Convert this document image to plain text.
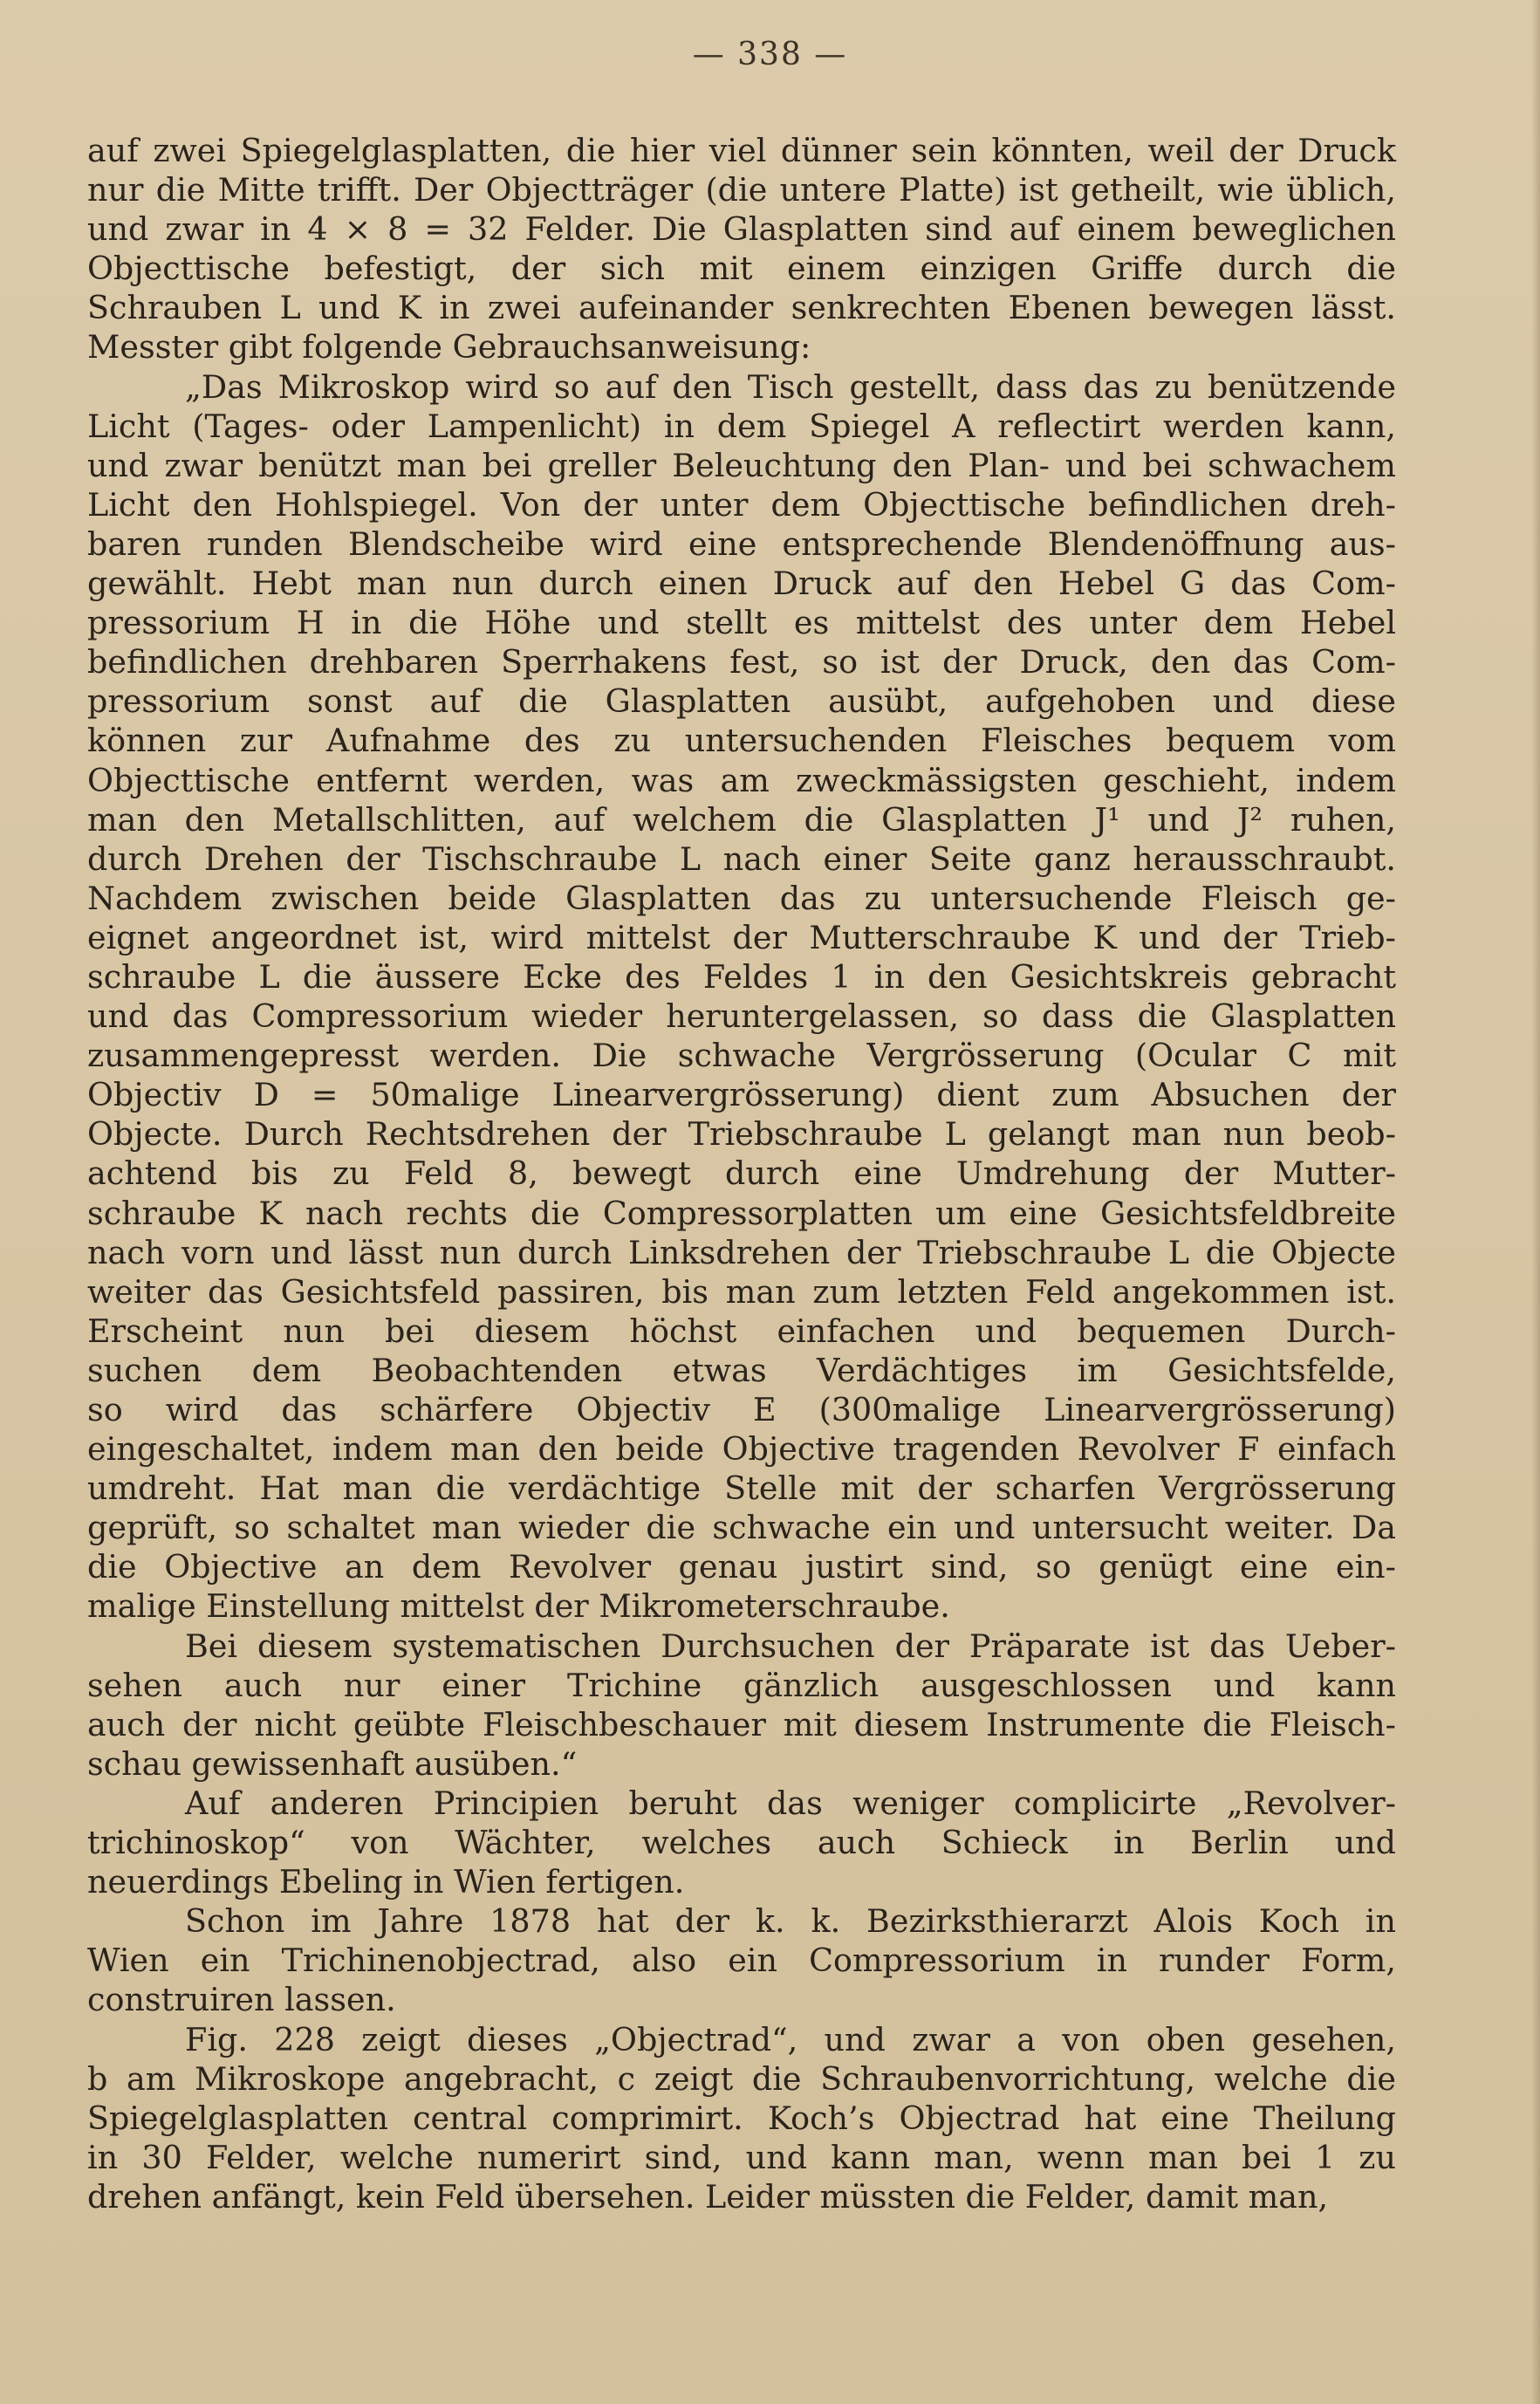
— 338 —
auf zwei Spiegelglasplatten, die hier viel dünner sein könnten, weil der Druck
nur die Mitte trifft. Der Objectträger (die untere Platte) ist getheilt, wie üblich,
und zwar in 4 ⨯ 8 = 32 Felder. Die Glasplatten sind auf einem beweglichen
Objecttische befestigt, der sich mit einem einzigen Griffe durch die
Schrauben L und K in zwei aufeinander senkrechten Ebenen bewegen lässt.
Messter gibt folgende Gebrauchsanweisung:
„Das Mikroskop wird so auf den Tisch gestellt, dass das zu benützende
Licht (Tages- oder Lampenlicht) in dem Spiegel A reflectirt werden kann,
und zwar benützt man bei greller Beleuchtung den Plan- und bei schwachem
Licht den Hohlspiegel. Von der unter dem Objecttische befindlichen dreh-
baren runden Blendscheibe wird eine entsprechende Blendenöffnung aus-
gewählt. Hebt man nun durch einen Druck auf den Hebel G das Com-
pressorium H in die Höhe und stellt es mittelst des unter dem Hebel
befindlichen drehbaren Sperrhakens fest, so ist der Druck, den das Com-
pressorium sonst auf die Glasplatten ausübt, aufgehoben und diese
können zur Aufnahme des zu untersuchenden Fleisches bequem vom
Objecttische entfernt werden, was am zweckmässigsten geschieht, indem
man den Metallschlitten, auf welchem die Glasplatten J¹ und J² ruhen,
durch Drehen der Tischschraube L nach einer Seite ganz herausschraubt.
Nachdem zwischen beide Glasplatten das zu untersuchende Fleisch ge-
eignet angeordnet ist, wird mittelst der Mutterschraube K und der Trieb-
schraube L die äussere Ecke des Feldes 1 in den Gesichtskreis gebracht
und das Compressorium wieder heruntergelassen, so dass die Glasplatten
zusammengepresst werden. Die schwache Vergrösserung (Ocular C mit
Objectiv D = 50malige Linearvergrösserung) dient zum Absuchen der
Objecte. Durch Rechtsdrehen der Triebschraube L gelangt man nun beob-
achtend bis zu Feld 8, bewegt durch eine Umdrehung der Mutter-
schraube K nach rechts die Compressorplatten um eine Gesichtsfeldbreite
nach vorn und lässt nun durch Linksdrehen der Triebschraube L die Objecte
weiter das Gesichtsfeld passiren, bis man zum letzten Feld angekommen ist.
Erscheint nun bei diesem höchst einfachen und bequemen Durch-
suchen dem Beobachtenden etwas Verdächtiges im Gesichtsfelde,
so wird das schärfere Objectiv E (300malige Linearvergrösserung)
eingeschaltet, indem man den beide Objective tragenden Revolver F einfach
umdreht. Hat man die verdächtige Stelle mit der scharfen Vergrösserung
geprüft, so schaltet man wieder die schwache ein und untersucht weiter. Da
die Objective an dem Revolver genau justirt sind, so genügt eine ein-
malige Einstellung mittelst der Mikrometerschraube.
Bei diesem systematischen Durchsuchen der Präparate ist das Ueber-
sehen auch nur einer Trichine gänzlich ausgeschlossen und kann
auch der nicht geübte Fleischbeschauer mit diesem Instrumente die Fleisch-
schau gewissenhaft ausüben.“
Auf anderen Principien beruht das weniger complicirte „Revolver-
trichinoskop“ von Wächter, welches auch Schieck in Berlin und
neuerdings Ebeling in Wien fertigen.
Schon im Jahre 1878 hat der k. k. Bezirksthierarzt Alois Koch in
Wien ein Trichinenobjectrad, also ein Compressorium in runder Form,
construiren lassen.
Fig. 228 zeigt dieses „Objectrad“, und zwar a von oben gesehen,
b am Mikroskope angebracht, c zeigt die Schraubenvorrichtung, welche die
Spiegelglasplatten central comprimirt. Koch’s Objectrad hat eine Theilung
in 30 Felder, welche numerirt sind, und kann man, wenn man bei 1 zu
drehen anfängt, kein Feld übersehen. Leider müssten die Felder, damit man,
